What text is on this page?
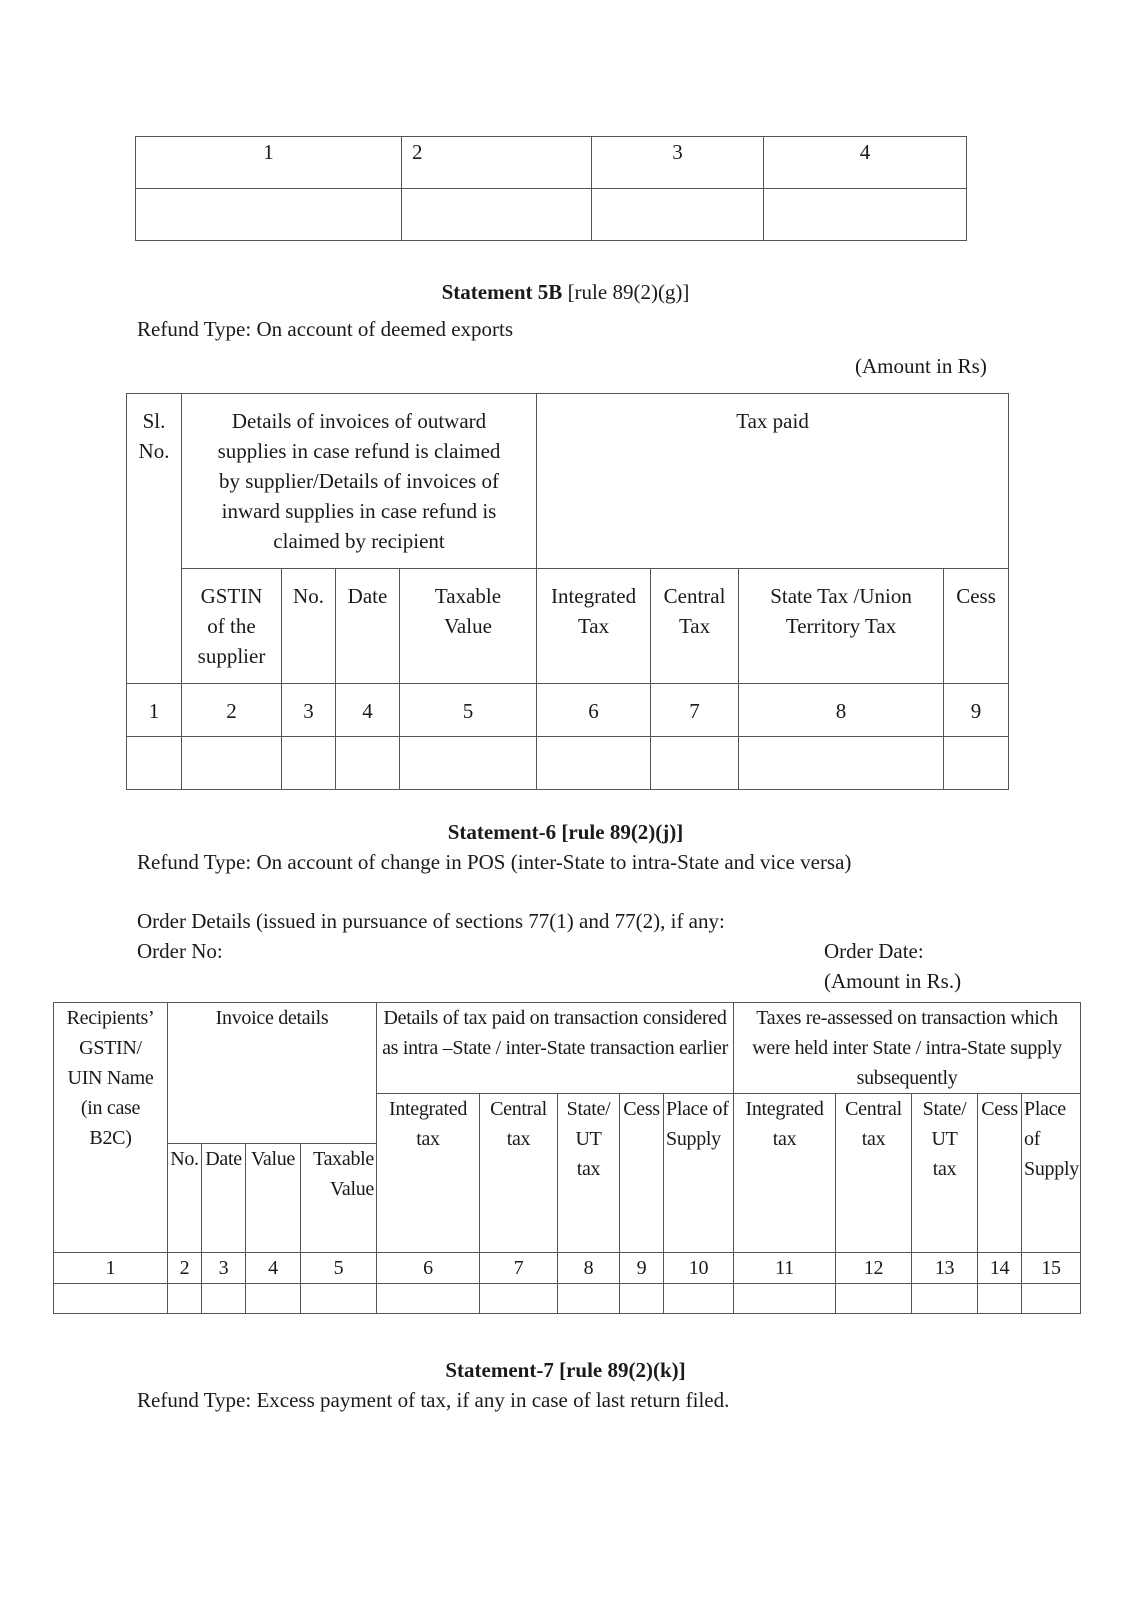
1	2	3	4

Statement 5B [rule 89(2)(g)]
Refund Type: On account of deemed exports
(Amount in Rs)
Sl. No.	Details of invoices of outward supplies in case refund is claimed by supplier/Details of invoices of inward supplies in case refund is claimed by recipient				Tax paid			
	GSTIN of the supplier	No.	Date	Taxable Value	Integrated Tax	Central Tax	State Tax /Union Territory Tax	Cess
1	2	3	4	5	6	7	8	9

Statement-6 [rule 89(2)(j)]
Refund Type: On account of change in POS (inter-State to intra-State and vice versa)
Order Details (issued in pursuance of sections 77(1) and 77(2), if any:
Order No:	Order Date:
(Amount in Rs.)
Recipients’ GSTIN/ UIN Name (in case B2C)	Invoice details				Details of tax paid on transaction considered as intra –State / inter-State transaction earlier					Taxes re-assessed on transaction which were held inter State / intra-State supply subsequently				
					Integrated tax	Central tax	State/ UT tax	Cess	Place of Supply	Integrated tax	Central tax	State/ UT tax	Cess	Place of Supply
	No.	Date	Value	Taxable Value										
1	2	3	4	5	6	7	8	9	10	11	12	13	14	15

Statement-7 [rule 89(2)(k)]
Refund Type: Excess payment of tax, if any in case of last return filed.
